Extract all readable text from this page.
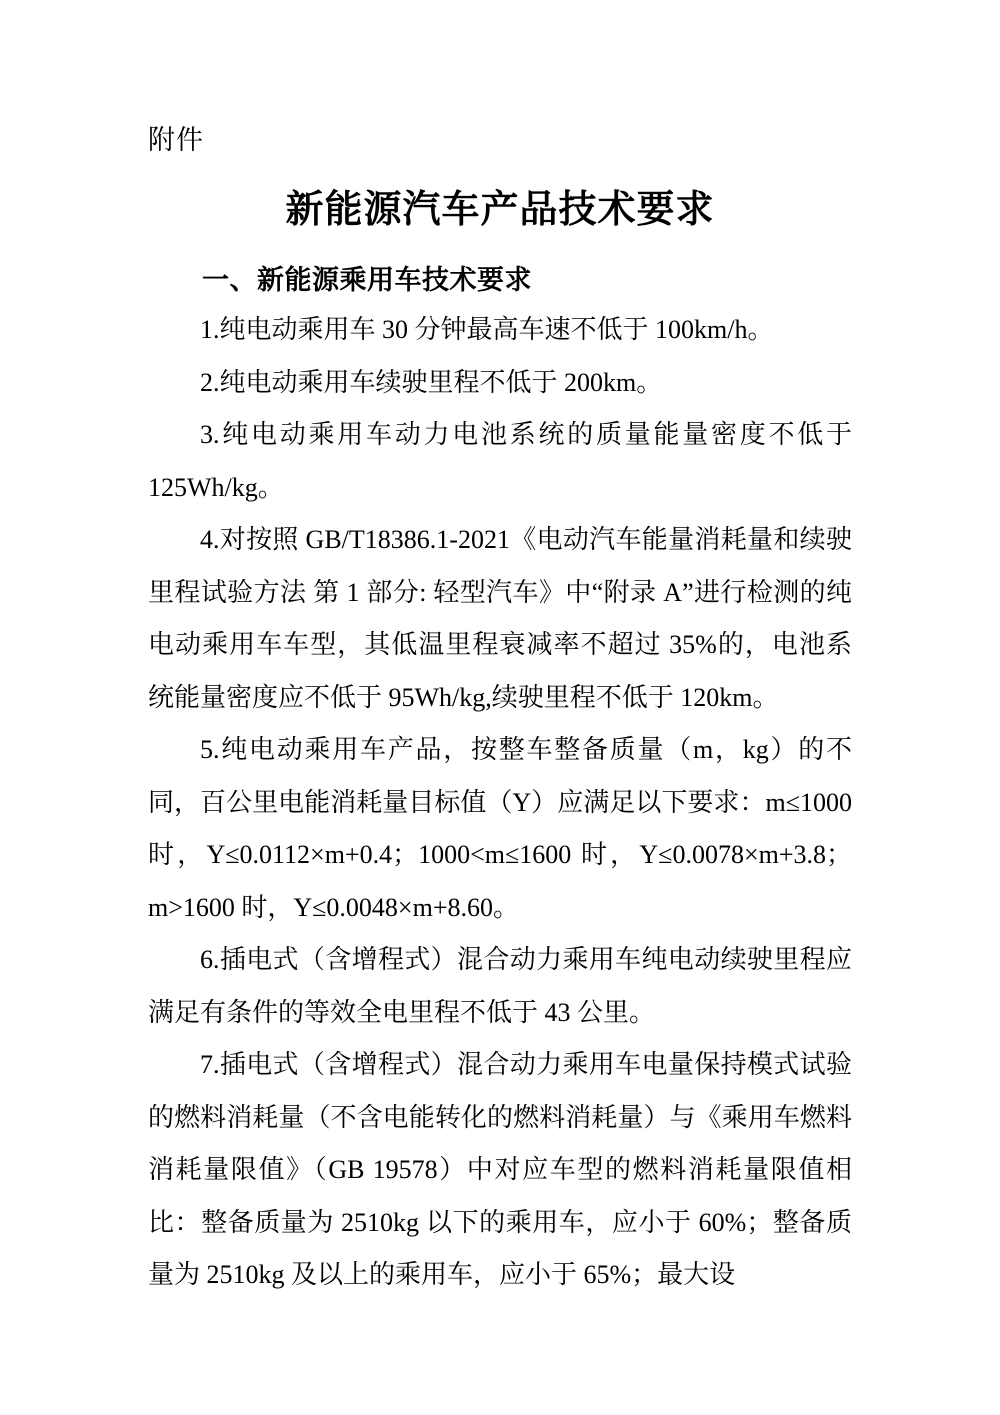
附件
新能源汽车产品技术要求
一、新能源乘用车技术要求

1.纯电动乘用车 30 分钟最高车速不低于 100km/h。

2.纯电动乘用车续驶里程不低于 200km。

3.纯电动乘用车动力电池系统的质量能量密度不低于 125Wh/kg。

4.对按照 GB/T18386.1-2021《电动汽车能量消耗量和续驶里程试验方法 第 1 部分: 轻型汽车》中“附录 A”进行检测的纯电动乘用车车型，其低温里程衰减率不超过 35%的，电池系统能量密度应不低于 95Wh/kg,续驶里程不低于 120km。

5.纯电动乘用车产品，按整车整备质量（m，kg）的不同，百公里电能消耗量目标值（Y）应满足以下要求：m≤1000 时，Y≤0.0112×m+0.4；1000<m≤1600 时，Y≤0.0078×m+3.8；m>1600 时，Y≤0.0048×m+8.60。

6.插电式（含增程式）混合动力乘用车纯电动续驶里程应满足有条件的等效全电里程不低于 43 公里。

7.插电式（含增程式）混合动力乘用车电量保持模式试验的燃料消耗量（不含电能转化的燃料消耗量）与《乘用车燃料消耗量限值》（GB 19578）中对应车型的燃料消耗量限值相比：整备质量为 2510kg 以下的乘用车，应小于 60%；整备质量为 2510kg 及以上的乘用车，应小于 65%；最大设
